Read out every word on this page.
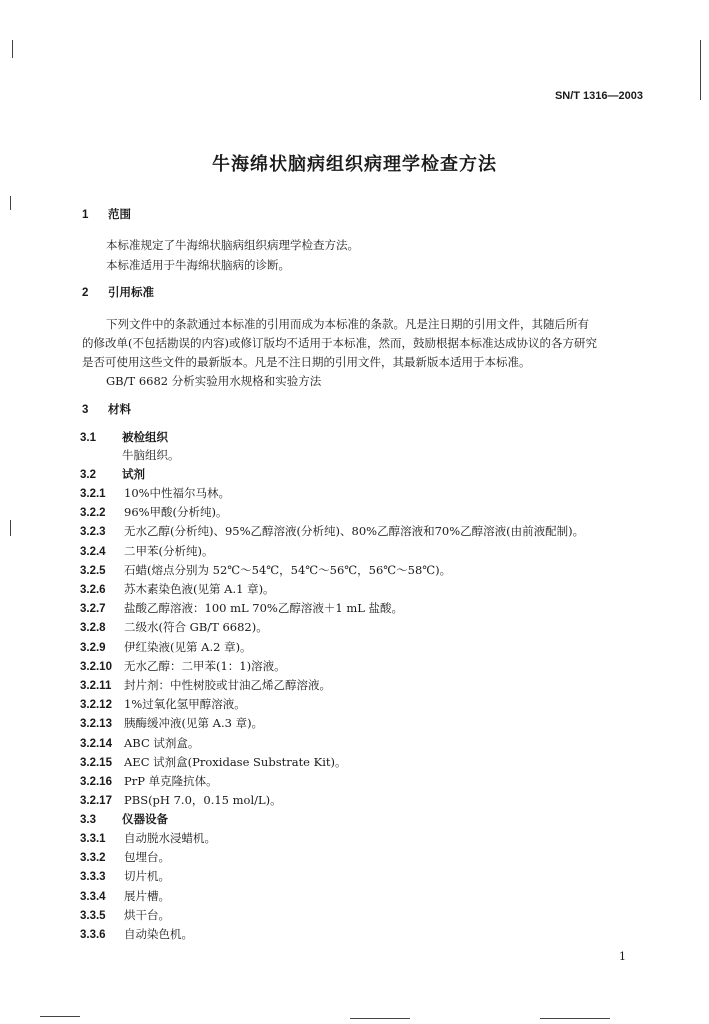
SN/T 1316—2003
牛海绵状脑病组织病理学检查方法
1 范围
本标准规定了牛海绵状脑病组织病理学检查方法。
本标准适用于牛海绵状脑病的诊断。
2 引用标准
下列文件中的条款通过本标准的引用而成为本标准的条款。凡是注日期的引用文件，其随后所有
的修改单(不包括勘误的内容)或修订版均不适用于本标准，然而，鼓励根据本标准达成协议的各方研究
是否可使用这些文件的最新版本。凡是不注日期的引用文件，其最新版本适用于本标准。
GB/T 6682 分析实验用水规格和实验方法
3 材料
3.1 被检组织
牛脑组织。
3.2 试剂
3.2.1 10%中性福尔马林。
3.2.2 96%甲酸(分析纯)。
3.2.3 无水乙醇(分析纯)、95%乙醇溶液(分析纯)、80%乙醇溶液和70%乙醇溶液(由前液配制)。
3.2.4 二甲苯(分析纯)。
3.2.5 石蜡(熔点分别为 52℃～54℃，54℃～56℃，56℃～58℃)。
3.2.6 苏木素染色液(见第 A.1 章)。
3.2.7 盐酸乙醇溶液：100 mL 70%乙醇溶液＋1 mL 盐酸。
3.2.8 二级水(符合 GB/T 6682)。
3.2.9 伊红染液(见第 A.2 章)。
3.2.10 无水乙醇：二甲苯(1：1)溶液。
3.2.11 封片剂：中性树胶或甘油乙烯乙醇溶液。
3.2.12 1%过氧化氢甲醇溶液。
3.2.13 胰酶缓冲液(见第 A.3 章)。
3.2.14 ABC 试剂盒。
3.2.15 AEC 试剂盒(Proxidase Substrate Kit)。
3.2.16 PrP 单克隆抗体。
3.2.17 PBS(pH 7.0，0.15 mol/L)。
3.3 仪器设备
3.3.1 自动脱水浸蜡机。
3.3.2 包埋台。
3.3.3 切片机。
3.3.4 展片槽。
3.3.5 烘干台。
3.3.6 自动染色机。
1
